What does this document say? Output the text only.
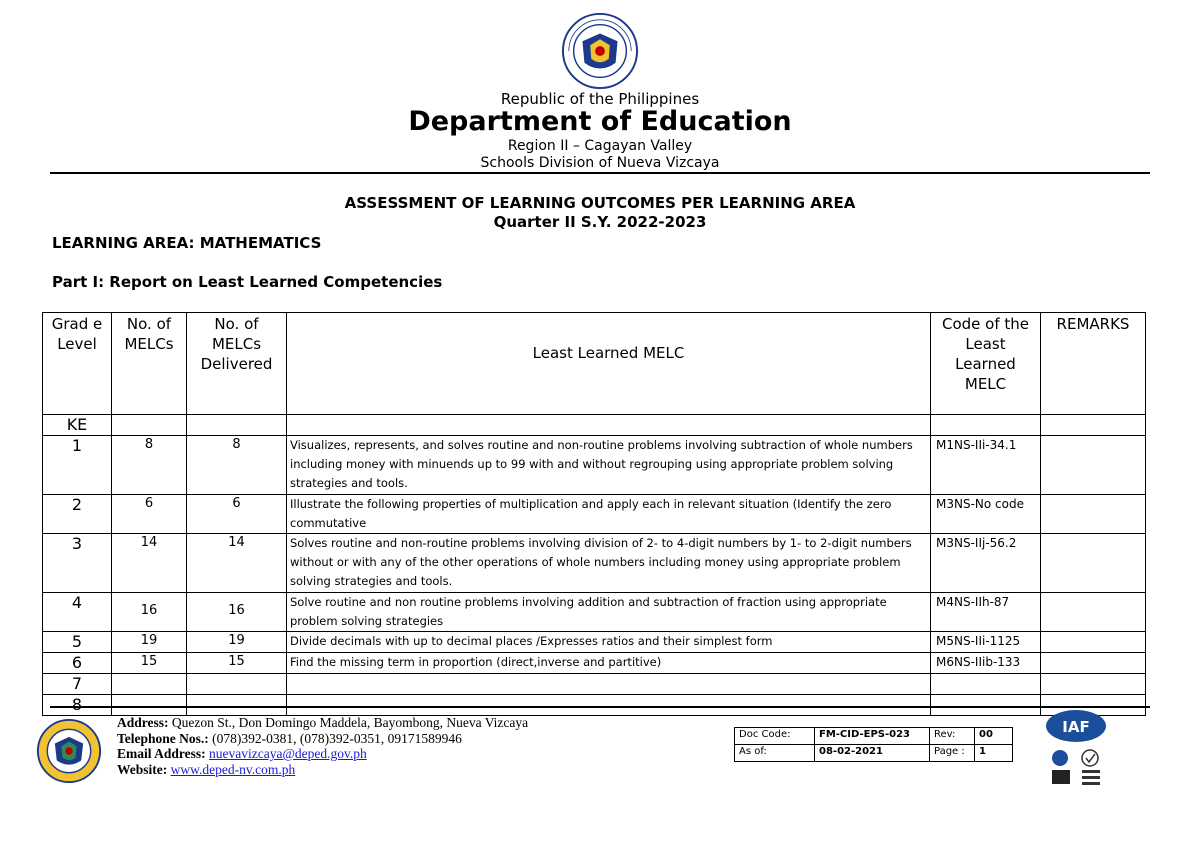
Republic of the Philippines
Department of Education
Region II – Cagayan Valley
Schools Division of Nueva Vizcaya
ASSESSMENT OF LEARNING OUTCOMES PER LEARNING AREA
Quarter II S.Y. 2022-2023
LEARNING AREA: MATHEMATICS
Part I: Report on Least Learned Competencies
Grad e Level	No. of MELCs	No. of MELCs Delivered	Least Learned MELC	Code of the Least Learned MELC	REMARKS
KE					
1	8	8	Visualizes, represents, and solves routine and non-routine problems involving subtraction of whole numbers including money with minuends up to 99 with and without regrouping using appropriate problem solving strategies and tools.	M1NS-IIi-34.1	
2	6	6	Illustrate the following properties of multiplication and apply each in relevant situation (Identify the zero commutative	M3NS-No code	
3	14	14	Solves routine and non-routine problems involving division of 2- to 4-digit numbers by 1- to 2-digit numbers without or with any of the other operations of whole numbers including money using appropriate problem solving strategies and tools.	M3NS-IIj-56.2	
4	16	16	Solve routine and non routine problems involving addition and subtraction of fraction using appropriate problem solving strategies	M4NS-IIh-87	
5	19	19	Divide decimals with up to decimal places /Expresses ratios and their simplest form	M5NS-IIi-1125	
6	15	15	Find the missing term in proportion (direct,inverse and partitive)	M6NS-IIib-133	
7					
8					
Address: Quezon St., Don Domingo Maddela, Bayombong, Nueva Vizcaya
Telephone Nos.: (078)392-0381, (078)392-0351, 09171589946
Email Address: nuevavizcaya@deped.gov.ph
Website: www.deped-nv.com.ph
Doc Code:	FM-CID-EPS-023	Rev:	00
As of:	08-02-2021	Page :	1
IAF
